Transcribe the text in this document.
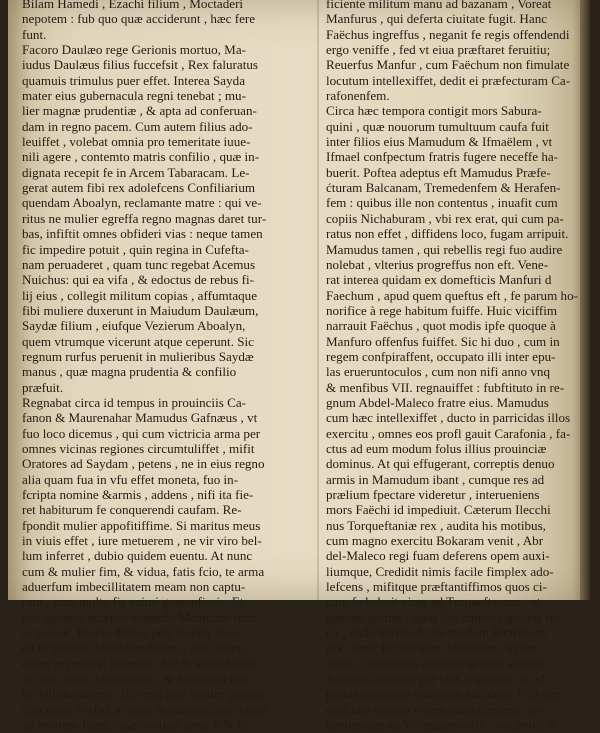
Bilam Hamedi , Ezachi filium , Moctaderi
nepotem : fub quo quæ acciderunt , hæc fere
funt.
Facoro Daulæo rege Gerionis mortuo, Ma-
iudus Daulæus filius fuccefsit , Rex faluratus
quamuis trimulus puer effet. Interea Sayda
mater eius gubernacula regni tenebat ; mu-
lier magnæ prudentiæ , & apta ad conferuan-
dam in regno pacem. Cum autem filius ado-
leuiffet , volebat omnia pro temeritate iuue-
nili agere , contemto matris confilio , quæ in-
dignata recepit fe in Arcem Tabaracam. Le-
gerat autem fibi rex adolefcens Confiliarium
quendam Aboalyn, reclamante matre : qui ve-
ritus ne mulier egreffa regno magnas daret tur-
bas, infiftit omnes obfideri vias : neque tamen
fic impedire potuit , quin regina in Cufefta-
nam peruaderet , quam tunc regebat Acemus
Nuichus: qui ea vifa , & edoctus de rebus fi-
lij eius , collegit militum copias , affumtaque
fibi muliere duxerunt in Maiudum Daulæum,
Saydæ filium , eiufque Vezierum Aboalyn,
quem vtrumque vicerunt atque ceperunt. Sic
regnum rurfus peruenit in mulieribus Saydæ
manus , quæ magna prudentia & confilio
præfuit.
Regnabat circa id tempus in prouinciis Ca-
fanon & Maurenahar Mamudus Gafnæus , vt
fuo loco dicemus , qui cum victricia arma per
omnes vicinas regiones circumtuliffet , mifit
Oratores ad Saydam , petens , ne in eius regno
alia quam fua in vfu effet moneta, fuo in-
fcripta nomine &armis , addens , nifi ita fie-
ret habiturum fe conquerendi caufam. Re-
fpondit mulier appofitiffime. Si maritus meus
in viuis effet , iure metuerem , ne vir viro bel-
lum inferret , dubio quidem euentu. At nunc
cum & mulier fim, & vidua, fatis fcio, te arma
aduerfum imbecillitatem meam non captu-
rum , cum multo fis animi generofioris. Et
hoc quidem accepto refponfo Mamudus tunc
acquieuit. Paucis diebus poft recepit Say-
da in gratiam Maiudum filium , nec tamen
omne regnum ei permifit , fed Scamfo fecun-
do filio dedit Amadonem , & Abuiafari ter-
tio Hifphanonem : fic rexit hæc mulier prouin-
cias regni Perfici in pace & tranquillitate vfque
ad mortem fuam, quæ contigit anno A.N.C.
ficiente militum manu ad bazanam , Voreat
Manfurus , qui deferta ciuitate fugit. Hanc
Faëchus ingreffus , neganit fe regis offendendi
ergo veniffe , fed vt eiua præftaret feruitiu;
Reuerfus Manfur , cum Faëchum non fimulate
locutum intellexiffet, dedit ei præfecturam Ca-
rafonenfem.
Circa hæc tempora contigit mors Sabura-
quini , quæ nouorum tumultuum caufa fuit
inter filios eius Mamudum & Ifmaëlem , vt
Ifmael confpectum fratris fugere neceffe ha-
buerit. Poftea adeptus eft Mamudus Præfe-
ćturam Balcanam, Tremedenfem & Herafen-
fem : quibus ille non contentus , inuafit cum
copiis Nichaburam , vbi rex erat, qui cum pa-
ratus non effet , diffidens loco, fugam arripuit.
Mamudus tamen , qui rebellis regi fuo audire
nolebat , vlterius progreffus non eft. Vene-
rat interea quidam ex domefticis Manfuri d
Faechum , apud quem queftus eft , fe parum ho-
norifice à rege habitum fuiffe. Huic viciffim
narrauit Faëchus , quot modis ipfe quoque à
Manfuro offenfus fuiffet. Sic hi duo , cum in
regem confpiraffent, occupato illi inter epu-
las erueruntoculos , cum non nifi anno vnq
& menfibus VII. regnauiffet : fubftituto in re-
gnum Abdel-Maleco fratre eius. Mamudus
cum hæc intellexiffet , ducto in parricidas illos
exercitu , omnes eos profl gauit Carafonia , fa-
ctus ad eum modum folus illius prouinciæ
dominus. At qui effugerant, correptis denuo
armis in Mamudum ibant , cumque res ad
prælium fpectare videretur , interueniens
mors Faëchi id impediuit. Cæterum Ilecchi
nus Torqueftaniæ rex , audita his motibus,
cum magno exercitu Bokaram venit , Abr
del-Maleco regi fuam deferens opem auxi-
liumque, Credidit nimis facile fimplex ado-
lefcens , mifitque præftantiffimos quos ci-
cum fe habuit viros ad Turqueftanum , vt
agerent gratias : quos ille omnes captiuos fe-
cit , vnde territus fupra modum B ctrorum
rex , nunc fugam nunc latibulum circum-
fpexit. Ilecchanus autem ingreffus vrbem,
ftationes militum per vias difpofuit , & ad
portas turresque murorum excubias. Poft per-
quifitum vbique regem adolefcentem , in-
uentumque ad Vfcandam mifit , vbi periit in
